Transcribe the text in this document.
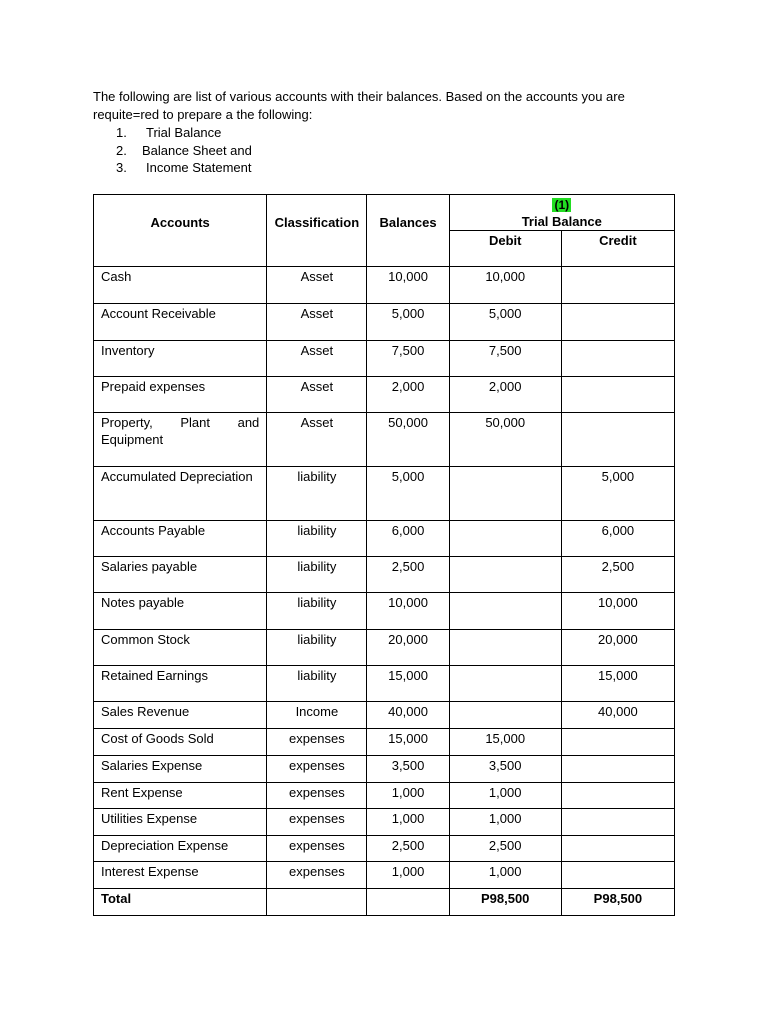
The following are list of various accounts with their balances. Based on the accounts you are requite=red to prepare a the following:

1.	Trial Balance
2.	Balance Sheet and
3.	Income Statement
Accounts	Classification	Balances	(1)
Trial Balance	
			Debit	Credit
Cash	Asset	10,000	10,000	
Account Receivable	Asset	5,000	5,000	
Inventory	Asset	7,500	7,500	
Prepaid expenses	Asset	2,000	2,000	
Property, Plant and Equipment	Asset	50,000	50,000	
Accumulated Depreciation	liability	5,000		5,000
Accounts Payable	liability	6,000		6,000
Salaries payable	liability	2,500		2,500
Notes payable	liability	10,000		10,000
Common Stock	liability	20,000		20,000
Retained Earnings	liability	15,000		15,000
Sales Revenue	Income	40,000		40,000
Cost of Goods Sold	expenses	15,000	15,000	
Salaries Expense	expenses	3,500	3,500	
Rent Expense	expenses	1,000	1,000	
Utilities Expense	expenses	1,000	1,000	
Depreciation Expense	expenses	2,500	2,500	
Interest Expense	expenses	1,000	1,000	
Total			P98,500	P98,500
